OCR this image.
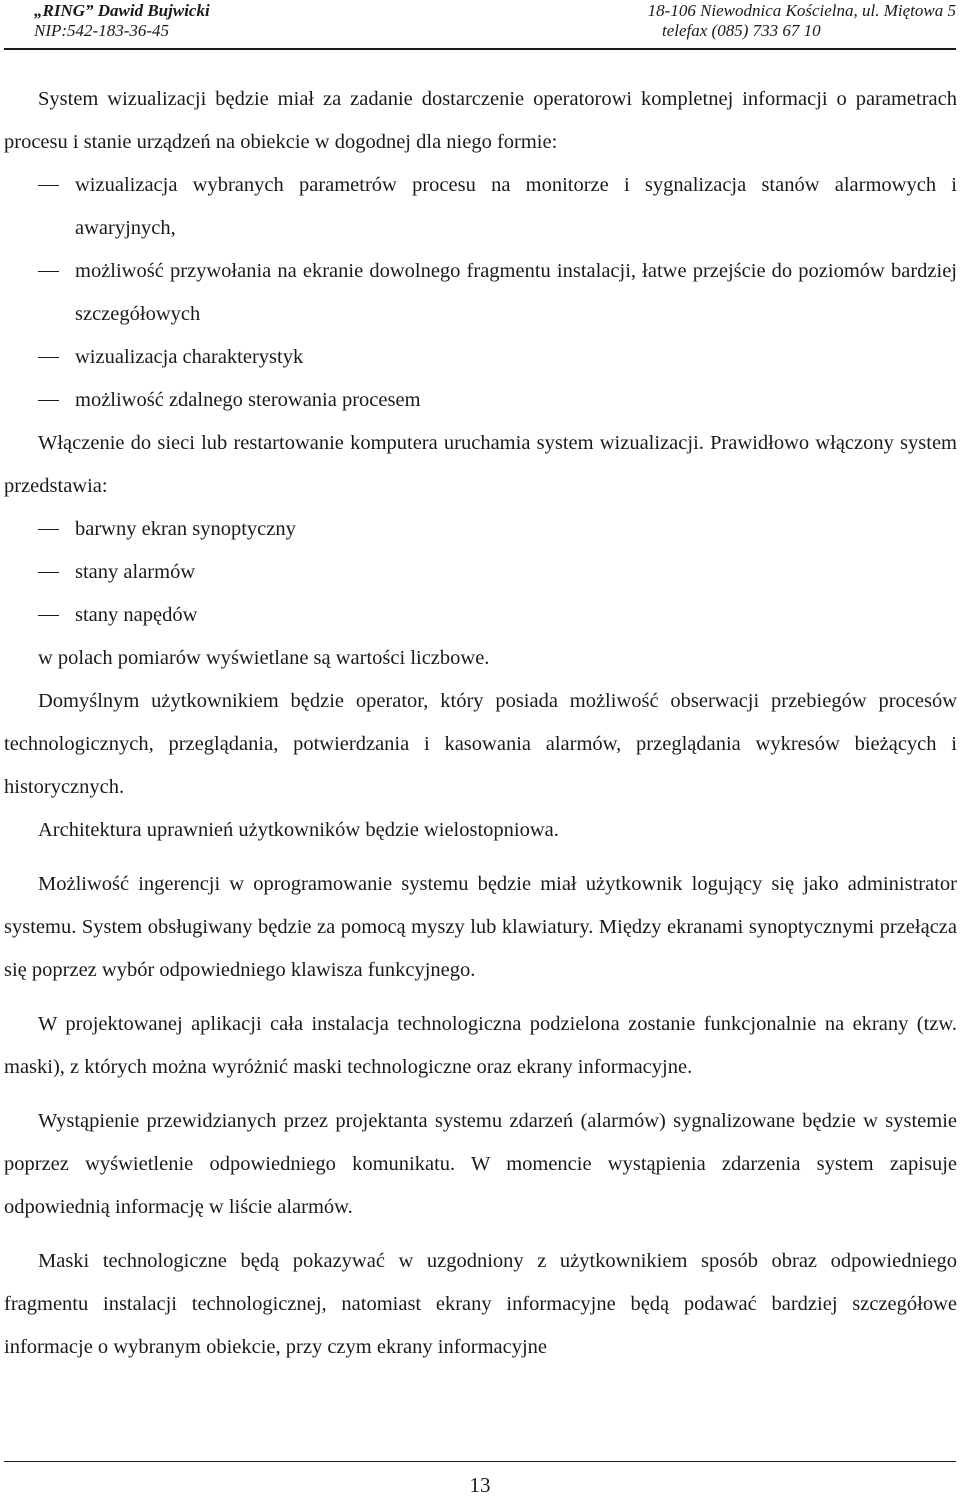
„RING” Dawid Bujwicki
NIP:542-183-36-45
18-106 Niewodnica Kościelna, ul. Miętowa 5
telefax (085) 733 67 10

System wizualizacji będzie miał za zadanie dostarczenie operatorowi kompletnej informacji o parametrach procesu i stanie urządzeń na obiekcie w dogodnej dla niego formie:

wizualizacja wybranych parametrów procesu na monitorze i sygnalizacja stanów alarmowych i awaryjnych,
możliwość przywołania na ekranie dowolnego fragmentu instalacji, łatwe przejście do poziomów bardziej szczegółowych
wizualizacja charakterystyk
możliwość zdalnego sterowania procesem

Włączenie do sieci lub restartowanie komputera uruchamia system wizualizacji. Prawidłowo włączony system przedstawia:

barwny ekran synoptyczny
stany alarmów
stany napędów

w polach pomiarów wyświetlane są wartości liczbowe.

Domyślnym użytkownikiem będzie operator, który posiada możliwość obserwacji przebiegów procesów technologicznych, przeglądania, potwierdzania i kasowania alarmów, przeglądania wykresów bieżących i historycznych.

Architektura uprawnień użytkowników będzie wielostopniowa.

Możliwość ingerencji w oprogramowanie systemu będzie miał użytkownik logujący się jako administrator systemu. System obsługiwany będzie za pomocą myszy lub klawiatury. Między ekranami synoptycznymi przełącza się poprzez wybór odpowiedniego klawisza funkcyjnego.

W projektowanej aplikacji cała instalacja technologiczna podzielona zostanie funkcjonalnie na ekrany (tzw. maski), z których można wyróżnić maski technologiczne oraz ekrany informacyjne.

Wystąpienie przewidzianych przez projektanta systemu zdarzeń (alarmów) sygnalizowane będzie w systemie poprzez wyświetlenie odpowiedniego komunikatu. W momencie wystąpienia zdarzenia system zapisuje odpowiednią informację w liście alarmów.

Maski technologiczne będą pokazywać w uzgodniony z użytkownikiem sposób obraz odpowiedniego fragmentu instalacji technologicznej, natomiast ekrany informacyjne będą podawać bardziej szczegółowe informacje o wybranym obiekcie, przy czym ekrany informacyjne

13
